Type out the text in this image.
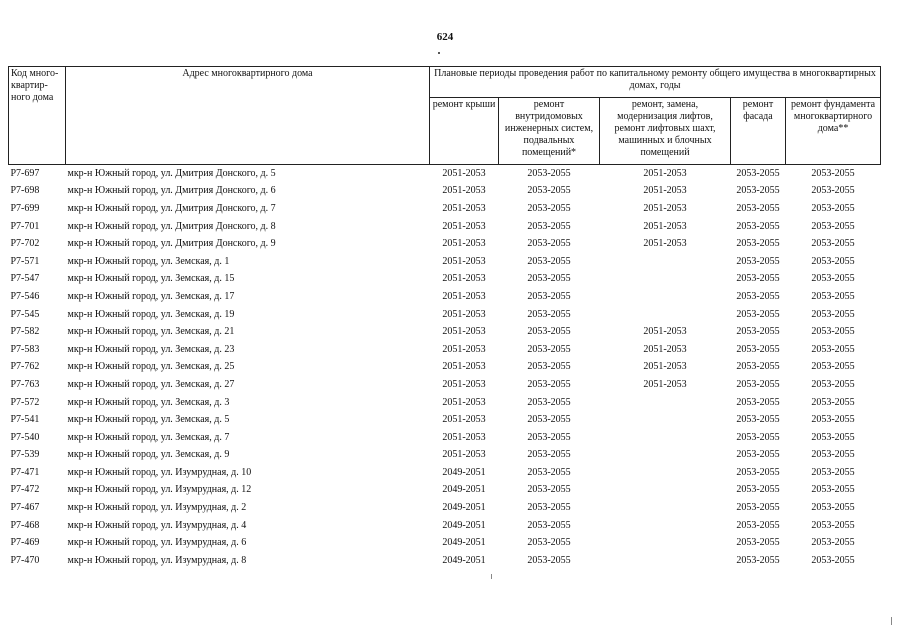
624
Код много-квартир-ного дома	Адрес многоквартирного дома	Плановые периоды проведения работ по капитальному ремонту общего имущества в многоквартирных домах, годы				
		ремонт крыши	ремонт внутридомовых инженерных систем, подвальных помещений*	ремонт, замена, модернизация лифтов, ремонт лифтовых шахт, машинных и блочных помещений	ремонт фасада	ремонт фундамента многоквартирного дома**
Р7-697	мкр-н Южный город, ул. Дмитрия Донского, д. 5	2051-2053	2053-2055	2051-2053	2053-2055	2053-2055
Р7-698	мкр-н Южный город, ул. Дмитрия Донского, д. 6	2051-2053	2053-2055	2051-2053	2053-2055	2053-2055
Р7-699	мкр-н Южный город, ул. Дмитрия Донского, д. 7	2051-2053	2053-2055	2051-2053	2053-2055	2053-2055
Р7-701	мкр-н Южный город, ул. Дмитрия Донского, д. 8	2051-2053	2053-2055	2051-2053	2053-2055	2053-2055
Р7-702	мкр-н Южный город, ул. Дмитрия Донского, д. 9	2051-2053	2053-2055	2051-2053	2053-2055	2053-2055
Р7-571	мкр-н Южный город, ул. Земская, д. 1	2051-2053	2053-2055		2053-2055	2053-2055
Р7-547	мкр-н Южный город, ул. Земская, д. 15	2051-2053	2053-2055		2053-2055	2053-2055
Р7-546	мкр-н Южный город, ул. Земская, д. 17	2051-2053	2053-2055		2053-2055	2053-2055
Р7-545	мкр-н Южный город, ул. Земская, д. 19	2051-2053	2053-2055		2053-2055	2053-2055
Р7-582	мкр-н Южный город, ул. Земская, д. 21	2051-2053	2053-2055	2051-2053	2053-2055	2053-2055
Р7-583	мкр-н Южный город, ул. Земская, д. 23	2051-2053	2053-2055	2051-2053	2053-2055	2053-2055
Р7-762	мкр-н Южный город, ул. Земская, д. 25	2051-2053	2053-2055	2051-2053	2053-2055	2053-2055
Р7-763	мкр-н Южный город, ул. Земская, д. 27	2051-2053	2053-2055	2051-2053	2053-2055	2053-2055
Р7-572	мкр-н Южный город, ул. Земская, д. 3	2051-2053	2053-2055		2053-2055	2053-2055
Р7-541	мкр-н Южный город, ул. Земская, д. 5	2051-2053	2053-2055		2053-2055	2053-2055
Р7-540	мкр-н Южный город, ул. Земская, д. 7	2051-2053	2053-2055		2053-2055	2053-2055
Р7-539	мкр-н Южный город, ул. Земская, д. 9	2051-2053	2053-2055		2053-2055	2053-2055
Р7-471	мкр-н Южный город, ул. Изумрудная, д. 10	2049-2051	2053-2055		2053-2055	2053-2055
Р7-472	мкр-н Южный город, ул. Изумрудная, д. 12	2049-2051	2053-2055		2053-2055	2053-2055
Р7-467	мкр-н Южный город, ул. Изумрудная, д. 2	2049-2051	2053-2055		2053-2055	2053-2055
Р7-468	мкр-н Южный город, ул. Изумрудная, д. 4	2049-2051	2053-2055		2053-2055	2053-2055
Р7-469	мкр-н Южный город, ул. Изумрудная, д. 6	2049-2051	2053-2055		2053-2055	2053-2055
Р7-470	мкр-н Южный город, ул. Изумрудная, д. 8	2049-2051	2053-2055		2053-2055	2053-2055
